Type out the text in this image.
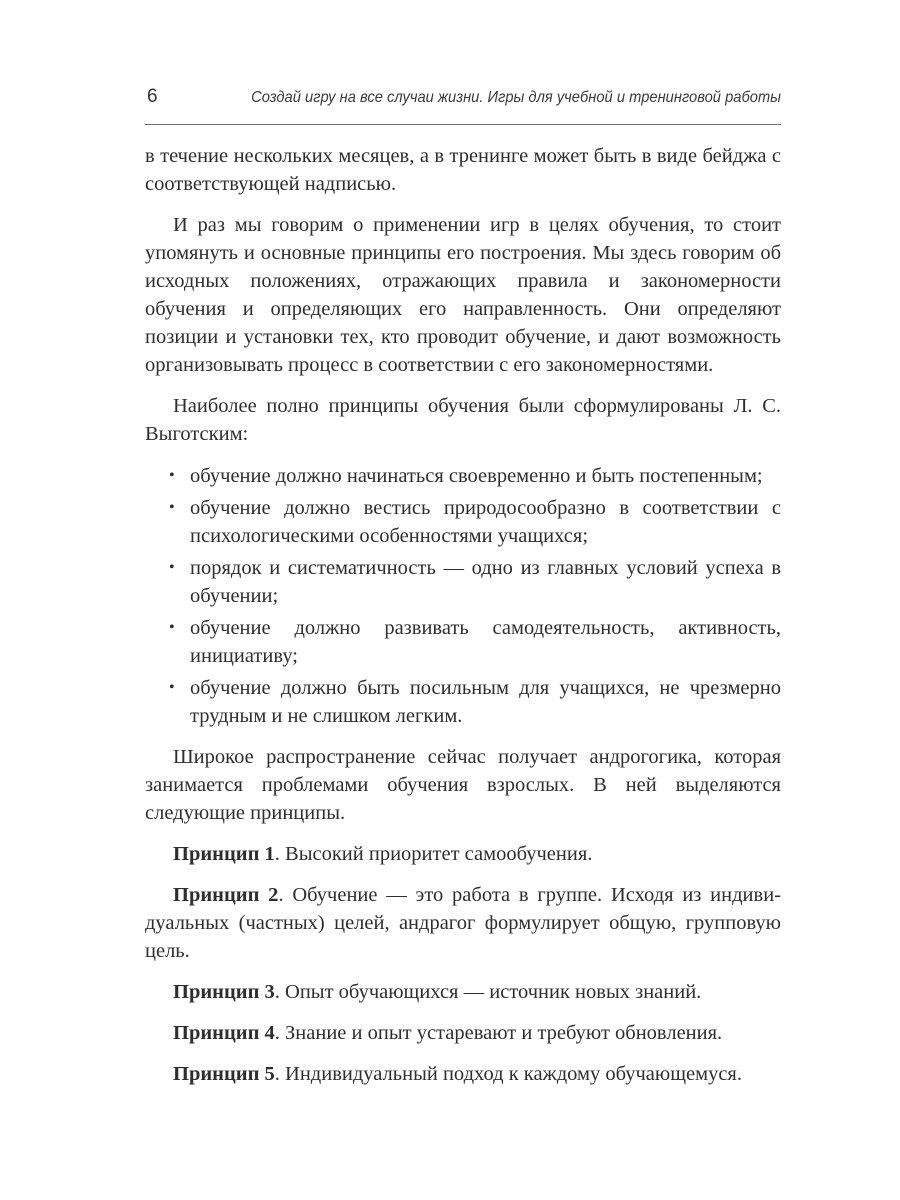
6	Создай игру на все случаи жизни. Игры для учебной и тренинговой работы

в течение нескольких месяцев, а в тренинге может быть в виде бейджа с соответствующей надписью.

И раз мы говорим о применении игр в целях обучения, то стоит упомянуть и основные принципы его построения. Мы здесь говорим об исходных положениях, отражающих правила и закономерности обучения и определяющих его направленность. Они определяют позиции и установки тех, кто проводит обучение, и дают возможность организовывать процесс в соответствии с его закономерностями.

Наиболее полно принципы обучения были сформулированы Л. С. Выготским:

• обучение должно начинаться своевременно и быть постепенным;
• обучение должно вестись природосообразно в соответствии с психологическими особенностями учащихся;
• порядок и систематичность — одно из главных условий успеха в обучении;
• обучение должно развивать самодеятельность, активность, инициативу;
• обучение должно быть посильным для учащихся, не чрезмерно трудным и не слишком легким.

Широкое распространение сейчас получает андрогогика, которая занимается проблемами обучения взрослых. В ней выделяются следующие принципы.

Принцип 1. Высокий приоритет самообучения.

Принцип 2. Обучение — это работа в группе. Исходя из индивидуальных (частных) целей, андрагог формулирует общую, групповую цель.

Принцип 3. Опыт обучающихся — источник новых знаний.

Принцип 4. Знание и опыт устаревают и требуют обновления.

Принцип 5. Индивидуальный подход к каждому обучающемуся.
